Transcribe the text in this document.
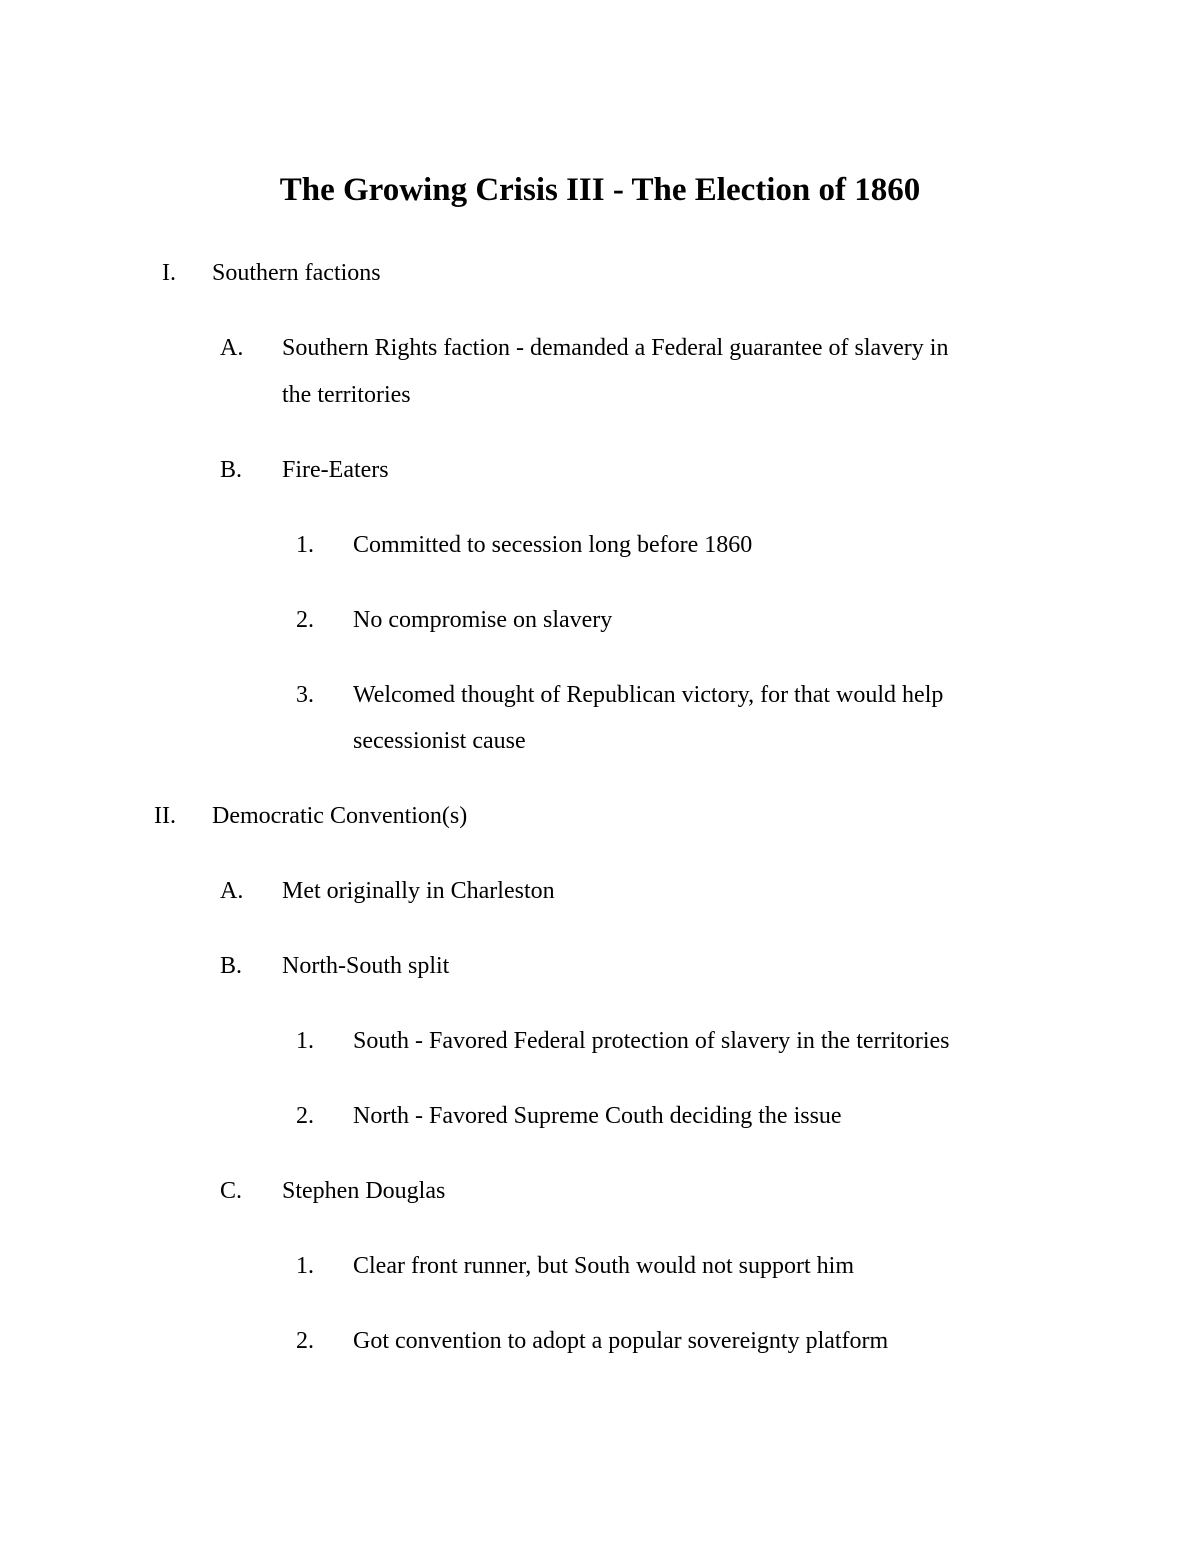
The Growing Crisis III - The Election of 1860
I. Southern factions
A. Southern Rights faction - demanded a Federal guarantee of slavery in
the territories
B. Fire-Eaters
1. Committed to secession long before 1860
2. No compromise on slavery
3. Welcomed thought of Republican victory, for that would help
secessionist cause
II. Democratic Convention(s)
A. Met originally in Charleston
B. North-South split
1. South - Favored Federal protection of slavery in the territories
2. North - Favored Supreme Couth deciding the issue
C. Stephen Douglas
1. Clear front runner, but South would not support him
2. Got convention to adopt a popular sovereignty platform
